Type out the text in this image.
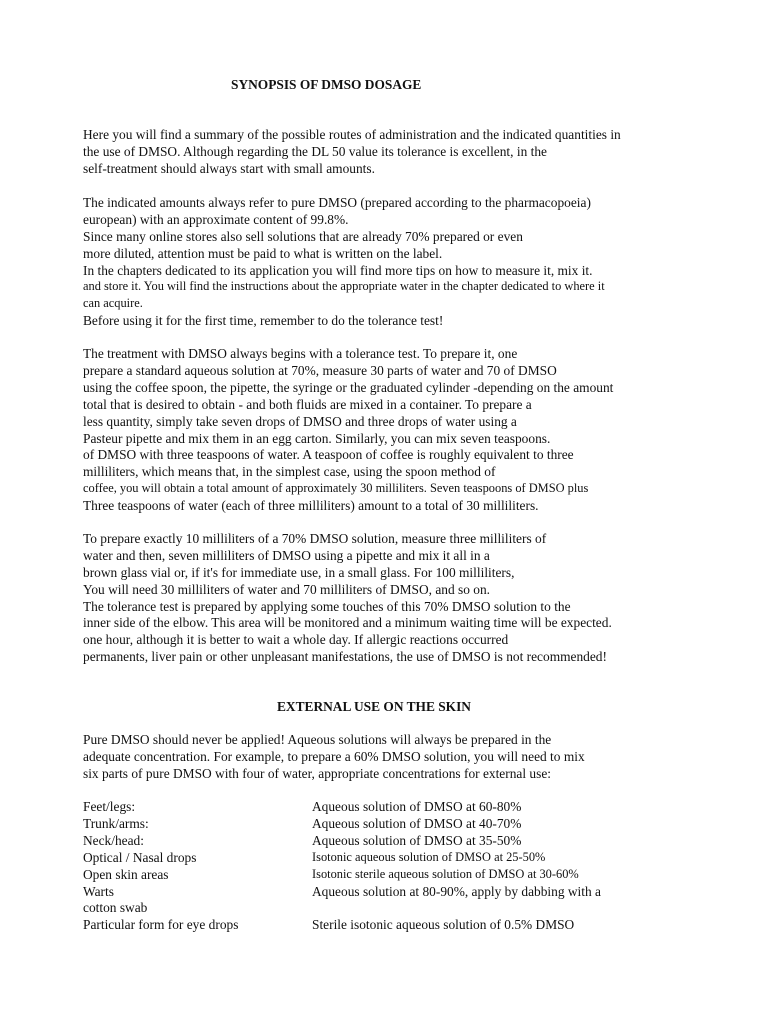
SYNOPSIS OF DMSO DOSAGE

Here you will find a summary of the possible routes of administration and the indicated quantities in

the use of DMSO. Although regarding the DL 50 value its tolerance is excellent, in the

self-treatment should always start with small amounts.

The indicated amounts always refer to pure DMSO (prepared according to the pharmacopoeia)

european) with an approximate content of 99.8%.

Since many online stores also sell solutions that are already 70% prepared or even

more diluted, attention must be paid to what is written on the label.

In the chapters dedicated to its application you will find more tips on how to measure it, mix it.

and store it. You will find the instructions about the appropriate water in the chapter dedicated to where it

can acquire.

Before using it for the first time, remember to do the tolerance test!

The treatment with DMSO always begins with a tolerance test. To prepare it, one

prepare a standard aqueous solution at 70%, measure 30 parts of water and 70 of DMSO

using the coffee spoon, the pipette, the syringe or the graduated cylinder -depending on the amount

total that is desired to obtain - and both fluids are mixed in a container. To prepare a

less quantity, simply take seven drops of DMSO and three drops of water using a

Pasteur pipette and mix them in an egg carton. Similarly, you can mix seven teaspoons.

of DMSO with three teaspoons of water. A teaspoon of coffee is roughly equivalent to three

milliliters, which means that, in the simplest case, using the spoon method of

coffee, you will obtain a total amount of approximately 30 milliliters. Seven teaspoons of DMSO plus

Three teaspoons of water (each of three milliliters) amount to a total of 30 milliliters.

To prepare exactly 10 milliliters of a 70% DMSO solution, measure three milliliters of

water and then, seven milliliters of DMSO using a pipette and mix it all in a

brown glass vial or, if it's for immediate use, in a small glass. For 100 milliliters,

You will need 30 milliliters of water and 70 milliliters of DMSO, and so on.

The tolerance test is prepared by applying some touches of this 70% DMSO solution to the

inner side of the elbow. This area will be monitored and a minimum waiting time will be expected.

one hour, although it is better to wait a whole day. If allergic reactions occurred

permanents, liver pain or other unpleasant manifestations, the use of DMSO is not recommended!

EXTERNAL USE ON THE SKIN

Pure DMSO should never be applied! Aqueous solutions will always be prepared in the

adequate concentration. For example, to prepare a 60% DMSO solution, you will need to mix

six parts of pure DMSO with four of water, appropriate concentrations for external use:

Feet/legs:	Aqueous solution of DMSO at 60-80%
Trunk/arms:	Aqueous solution of DMSO at 40-70%
Neck/head:	Aqueous solution of DMSO at 35-50%
Optical / Nasal drops	Isotonic aqueous solution of DMSO at 25-50%
Open skin areas	Isotonic sterile aqueous solution of DMSO at 30-60%
Warts	Aqueous solution at 80-90%, apply by dabbing with a
cotton swab
Particular form for eye drops	Sterile isotonic aqueous solution of 0.5% DMSO
